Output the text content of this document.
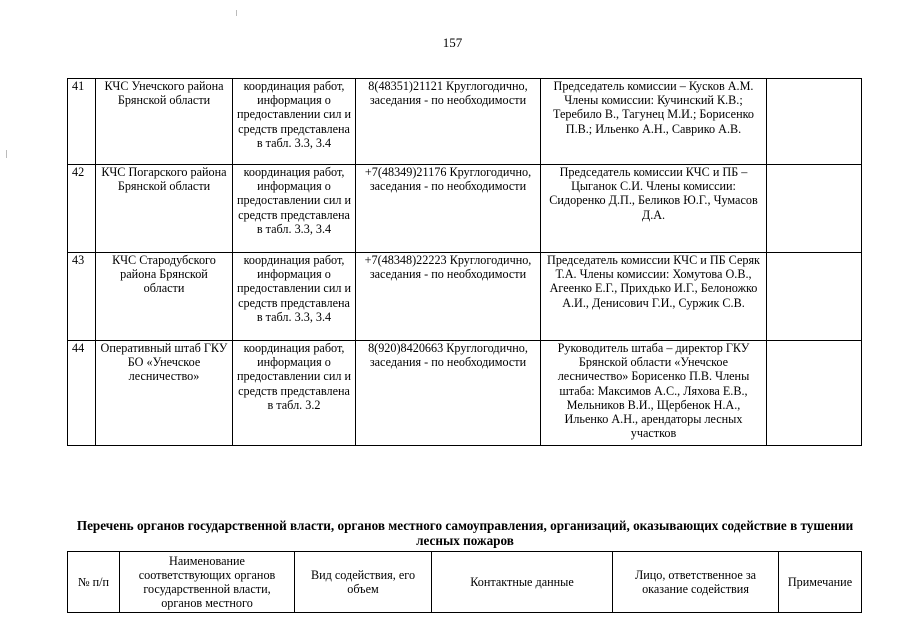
157
41	КЧС Унечского района Брянской области	координация работ, информация о предоставлении сил и средств представлена в табл. 3.3, 3.4	8(48351)21121 Круглогодично, заседания - по необходимости	Председатель комиссии – Кусков А.М. Члены комиссии: Кучинский К.В.; Теребило В., Тагунец М.И.; Борисенко П.В.; Ильенко А.Н., Саврико А.В.	
42	КЧС Погарского района Брянской области	координация работ, информация о предоставлении сил и средств представлена в табл. 3.3, 3.4	+7(48349)21176 Круглогодично, заседания - по необходимости	Председатель комиссии КЧС и ПБ – Цыганок С.И. Члены комиссии: Сидоренко Д.П., Беликов Ю.Г., Чумасов Д.А.	
43	КЧС Стародубского района Брянской области	координация работ, информация о предоставлении сил и средств представлена в табл. 3.3, 3.4	+7(48348)22223 Круглогодично, заседания - по необходимости	Председатель комиссии КЧС и ПБ Серяк Т.А. Члены комиссии: Хомутова О.В., Агеенко Е.Г., Прихдько И.Г., Белоножко А.И., Денисович Г.И., Суржик С.В.	
44	Оперативный штаб ГКУ БО «Унечское лесничество»	координация работ, информация о предоставлении сил и средств представлена в табл. 3.2	8(920)8420663 Круглогодично, заседания - по необходимости	Руководитель штаба – директор ГКУ Брянской области «Унечское лесничество» Борисенко П.В. Члены штаба: Максимов А.С., Ляхова Е.В., Мельников В.И., Щербенок Н.А., Ильенко А.Н., арендаторы лесных участков	
Перечень органов государственной власти, органов местного самоуправления, организаций, оказывающих содействие в тушении лесных пожаров
№ п/п	Наименование соответствующих органов государственной власти, органов местного	Вид содействия, его объем	Контактные данные	Лицо, ответственное за оказание содействия	Примечание
